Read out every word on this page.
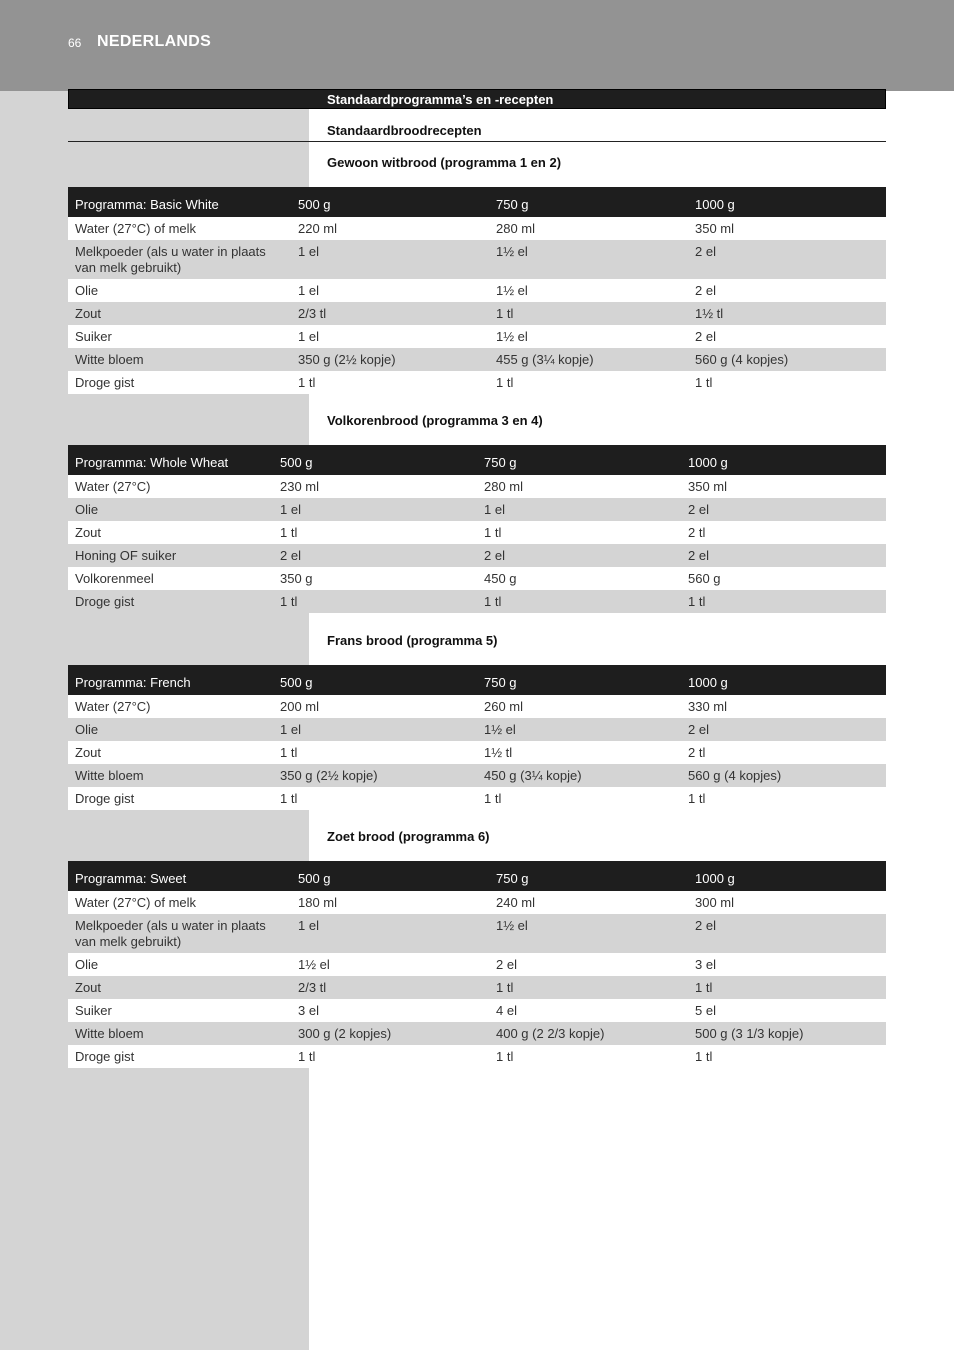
66 NEDERLANDS
Standaardprogramma’s en -recepten
Standaardbroodrecepten
Gewoon witbrood (programma 1 en 2)
Programma: Basic White	500 g	750 g	1000 g
Water (27°C) of melk	220 ml	280 ml	350 ml
Melkpoeder (als u water in plaats van melk gebruikt)	1 el	1½ el	2 el
Olie	1 el	1½ el	2 el
Zout	2/3 tl	1 tl	1½ tl
Suiker	1 el	1½ el	2 el
Witte bloem	350 g (2½ kopje)	455 g (3¼ kopje)	560 g (4 kopjes)
Droge gist	1 tl	1 tl	1 tl
Volkorenbrood (programma 3 en 4)
Programma: Whole Wheat	500 g	750 g	1000 g
Water (27°C)	230 ml	280 ml	350 ml
Olie	1 el	1 el	2 el
Zout	1 tl	1 tl	2 tl
Honing OF suiker	2 el	2 el	2 el
Volkorenmeel	350 g	450 g	560 g
Droge gist	1 tl	1 tl	1 tl
Frans brood (programma 5)
Programma: French	500 g	750 g	1000 g
Water (27°C)	200 ml	260 ml	330 ml
Olie	1 el	1½ el	2 el
Zout	1 tl	1½ tl	2 tl
Witte bloem	350 g (2½ kopje)	450 g (3¼ kopje)	560 g (4 kopjes)
Droge gist	1 tl	1 tl	1 tl
Zoet brood (programma 6)
Programma: Sweet	500 g	750 g	1000 g
Water (27°C) of melk	180 ml	240 ml	300 ml
Melkpoeder (als u water in plaats van melk gebruikt)	1 el	1½ el	2 el
Olie	1½ el	2 el	3 el
Zout	2/3 tl	1 tl	1 tl
Suiker	3 el	4 el	5 el
Witte bloem	300 g (2 kopjes)	400 g (2 2/3 kopje)	500 g (3 1/3 kopje)
Droge gist	1 tl	1 tl	1 tl
